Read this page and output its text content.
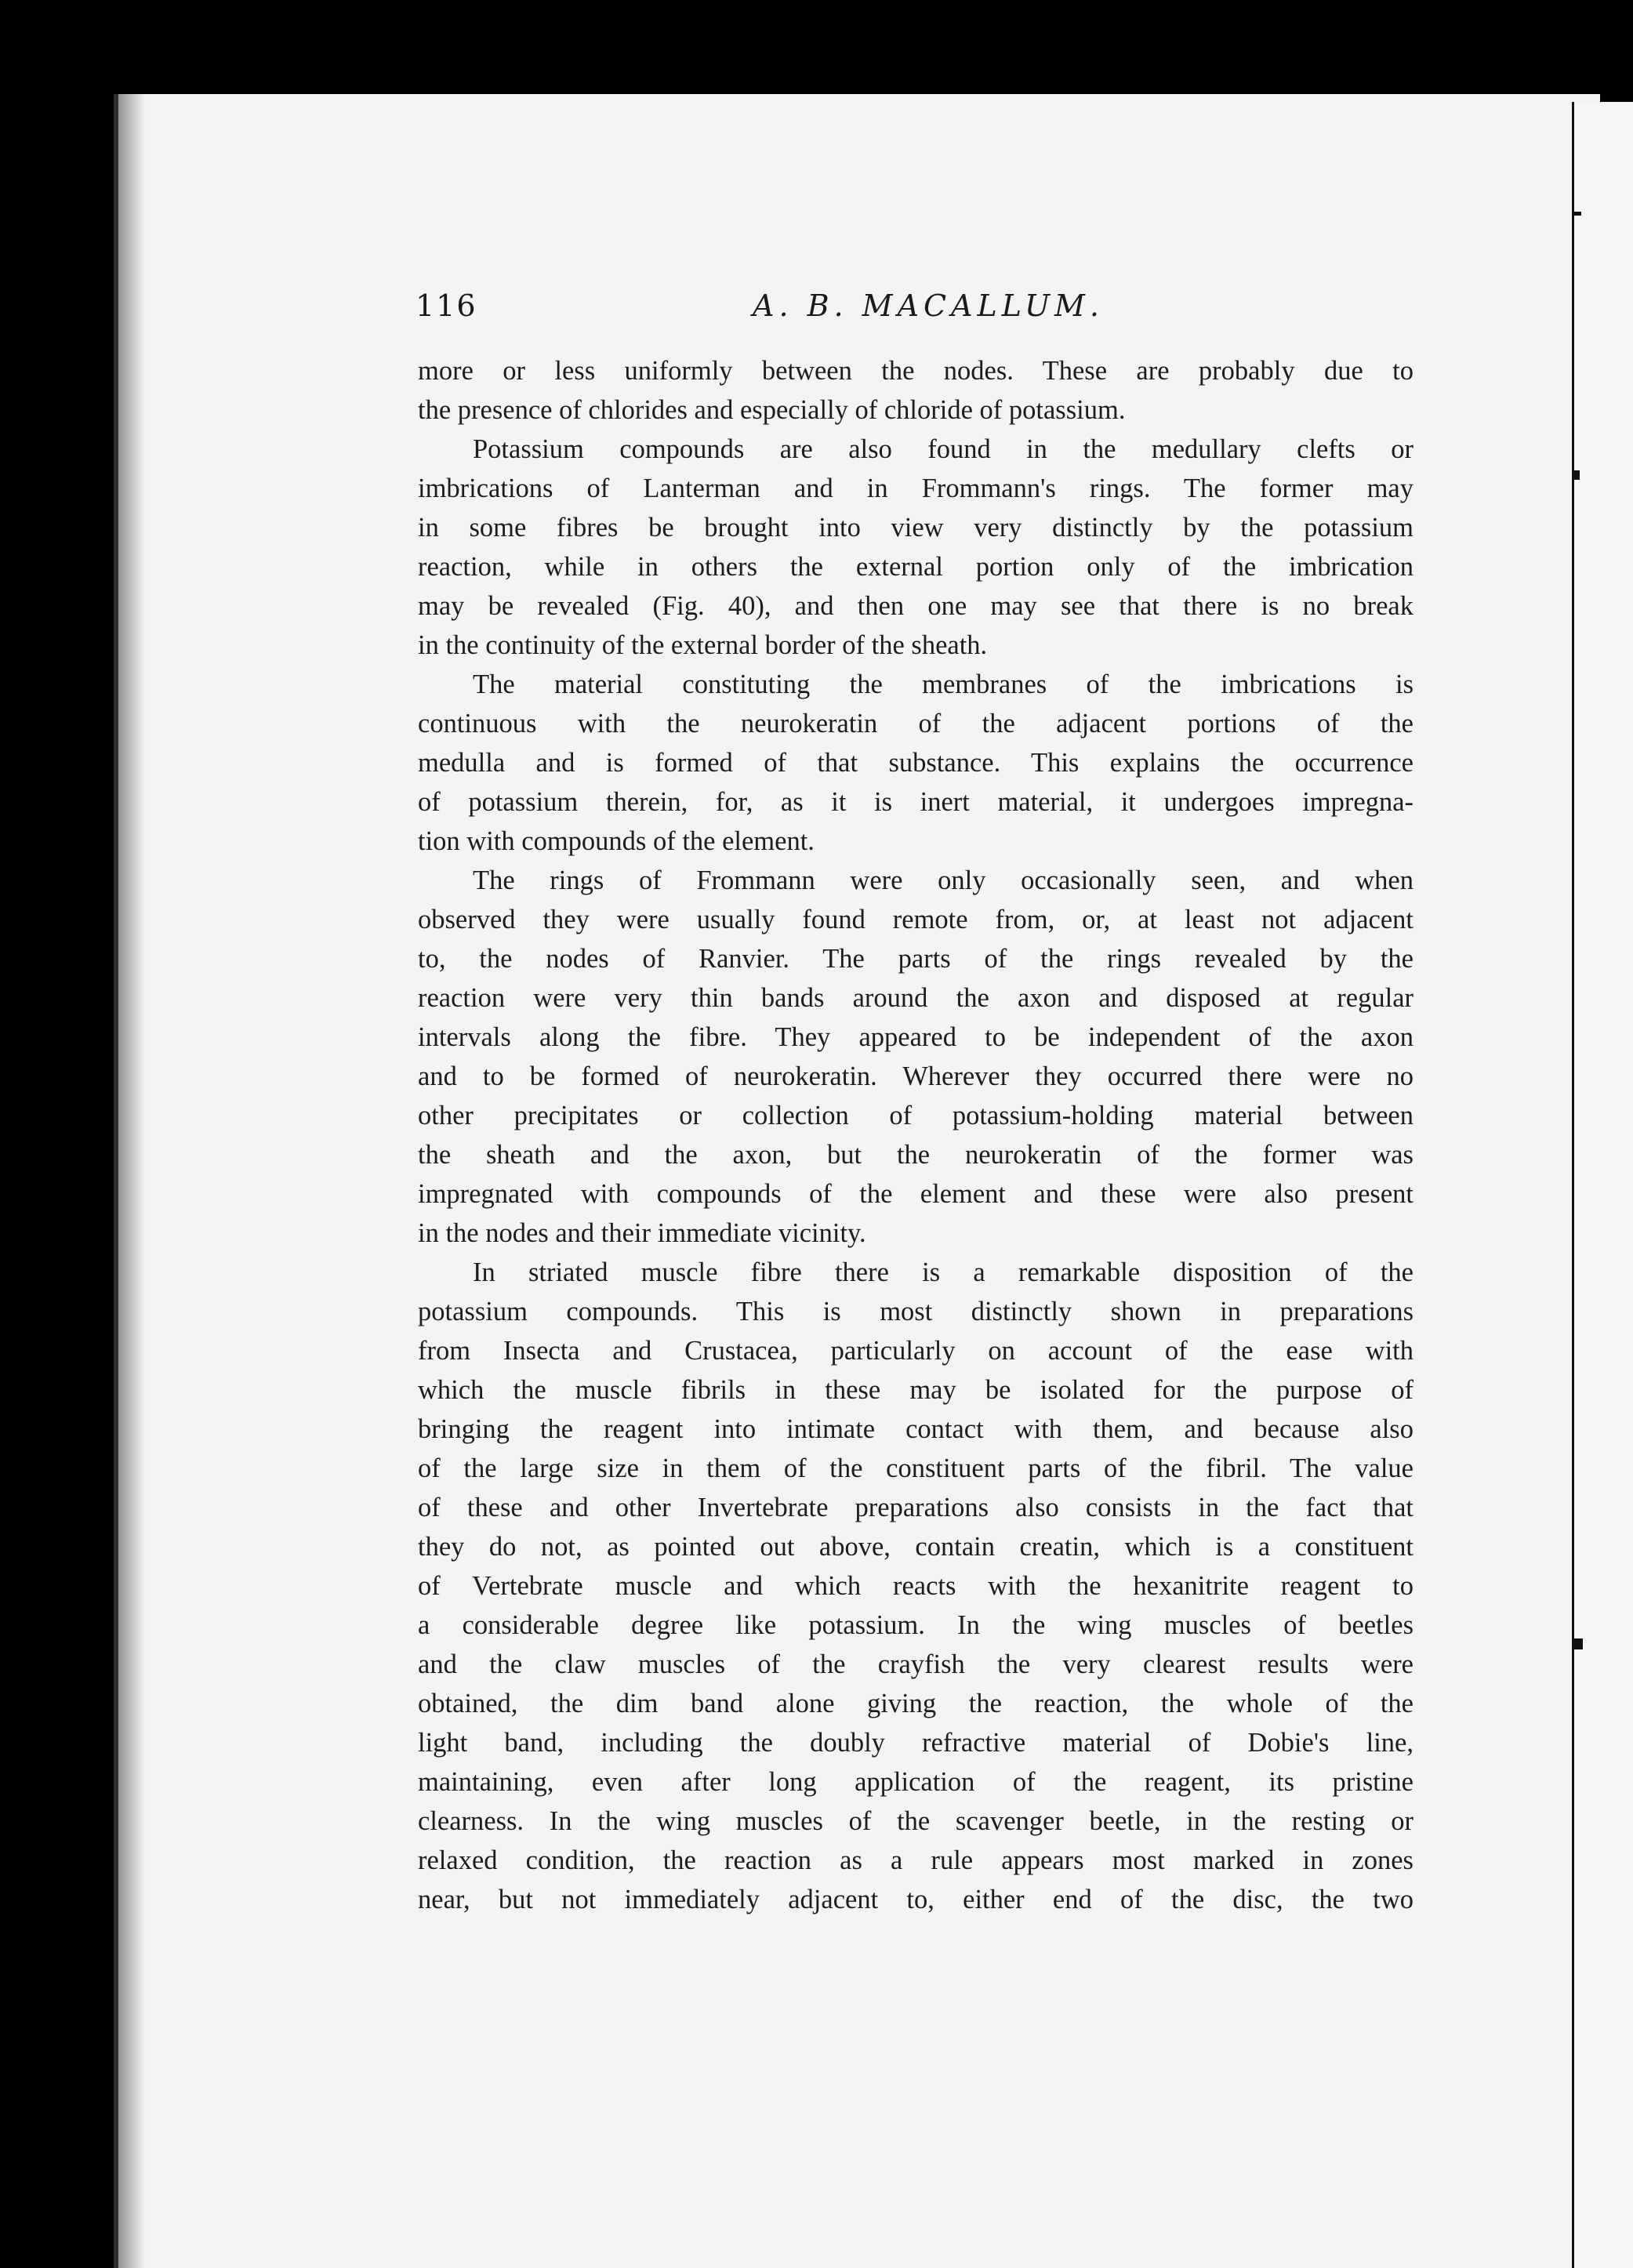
116	A. B. MACALLUM.
more or less uniformly between the nodes. These are probably due to
the presence of chlorides and especially of chloride of potassium.
Potassium compounds are also found in the medullary clefts or
imbrications of Lanterman and in Frommann's rings. The former may
in some fibres be brought into view very distinctly by the potassium
reaction, while in others the external portion only of the imbrication
may be revealed (Fig. 40), and then one may see that there is no break
in the continuity of the external border of the sheath.
The material constituting the membranes of the imbrications is
continuous with the neurokeratin of the adjacent portions of the
medulla and is formed of that substance. This explains the occurrence
of potassium therein, for, as it is inert material, it undergoes impregna-
tion with compounds of the element.
The rings of Frommann were only occasionally seen, and when
observed they were usually found remote from, or, at least not adjacent
to, the nodes of Ranvier. The parts of the rings revealed by the
reaction were very thin bands around the axon and disposed at regular
intervals along the fibre. They appeared to be independent of the axon
and to be formed of neurokeratin. Wherever they occurred there were no
other precipitates or collection of potassium-holding material between
the sheath and the axon, but the neurokeratin of the former was
impregnated with compounds of the element and these were also present
in the nodes and their immediate vicinity.
In striated muscle fibre there is a remarkable disposition of the
potassium compounds. This is most distinctly shown in preparations
from Insecta and Crustacea, particularly on account of the ease with
which the muscle fibrils in these may be isolated for the purpose of
bringing the reagent into intimate contact with them, and because also
of the large size in them of the constituent parts of the fibril. The value
of these and other Invertebrate preparations also consists in the fact that
they do not, as pointed out above, contain creatin, which is a constituent
of Vertebrate muscle and which reacts with the hexanitrite reagent to
a considerable degree like potassium. In the wing muscles of beetles
and the claw muscles of the crayfish the very clearest results were
obtained, the dim band alone giving the reaction, the whole of the
light band, including the doubly refractive material of Dobie's line,
maintaining, even after long application of the reagent, its pristine
clearness. In the wing muscles of the scavenger beetle, in the resting or
relaxed condition, the reaction as a rule appears most marked in zones
near, but not immediately adjacent to, either end of the disc, the two
